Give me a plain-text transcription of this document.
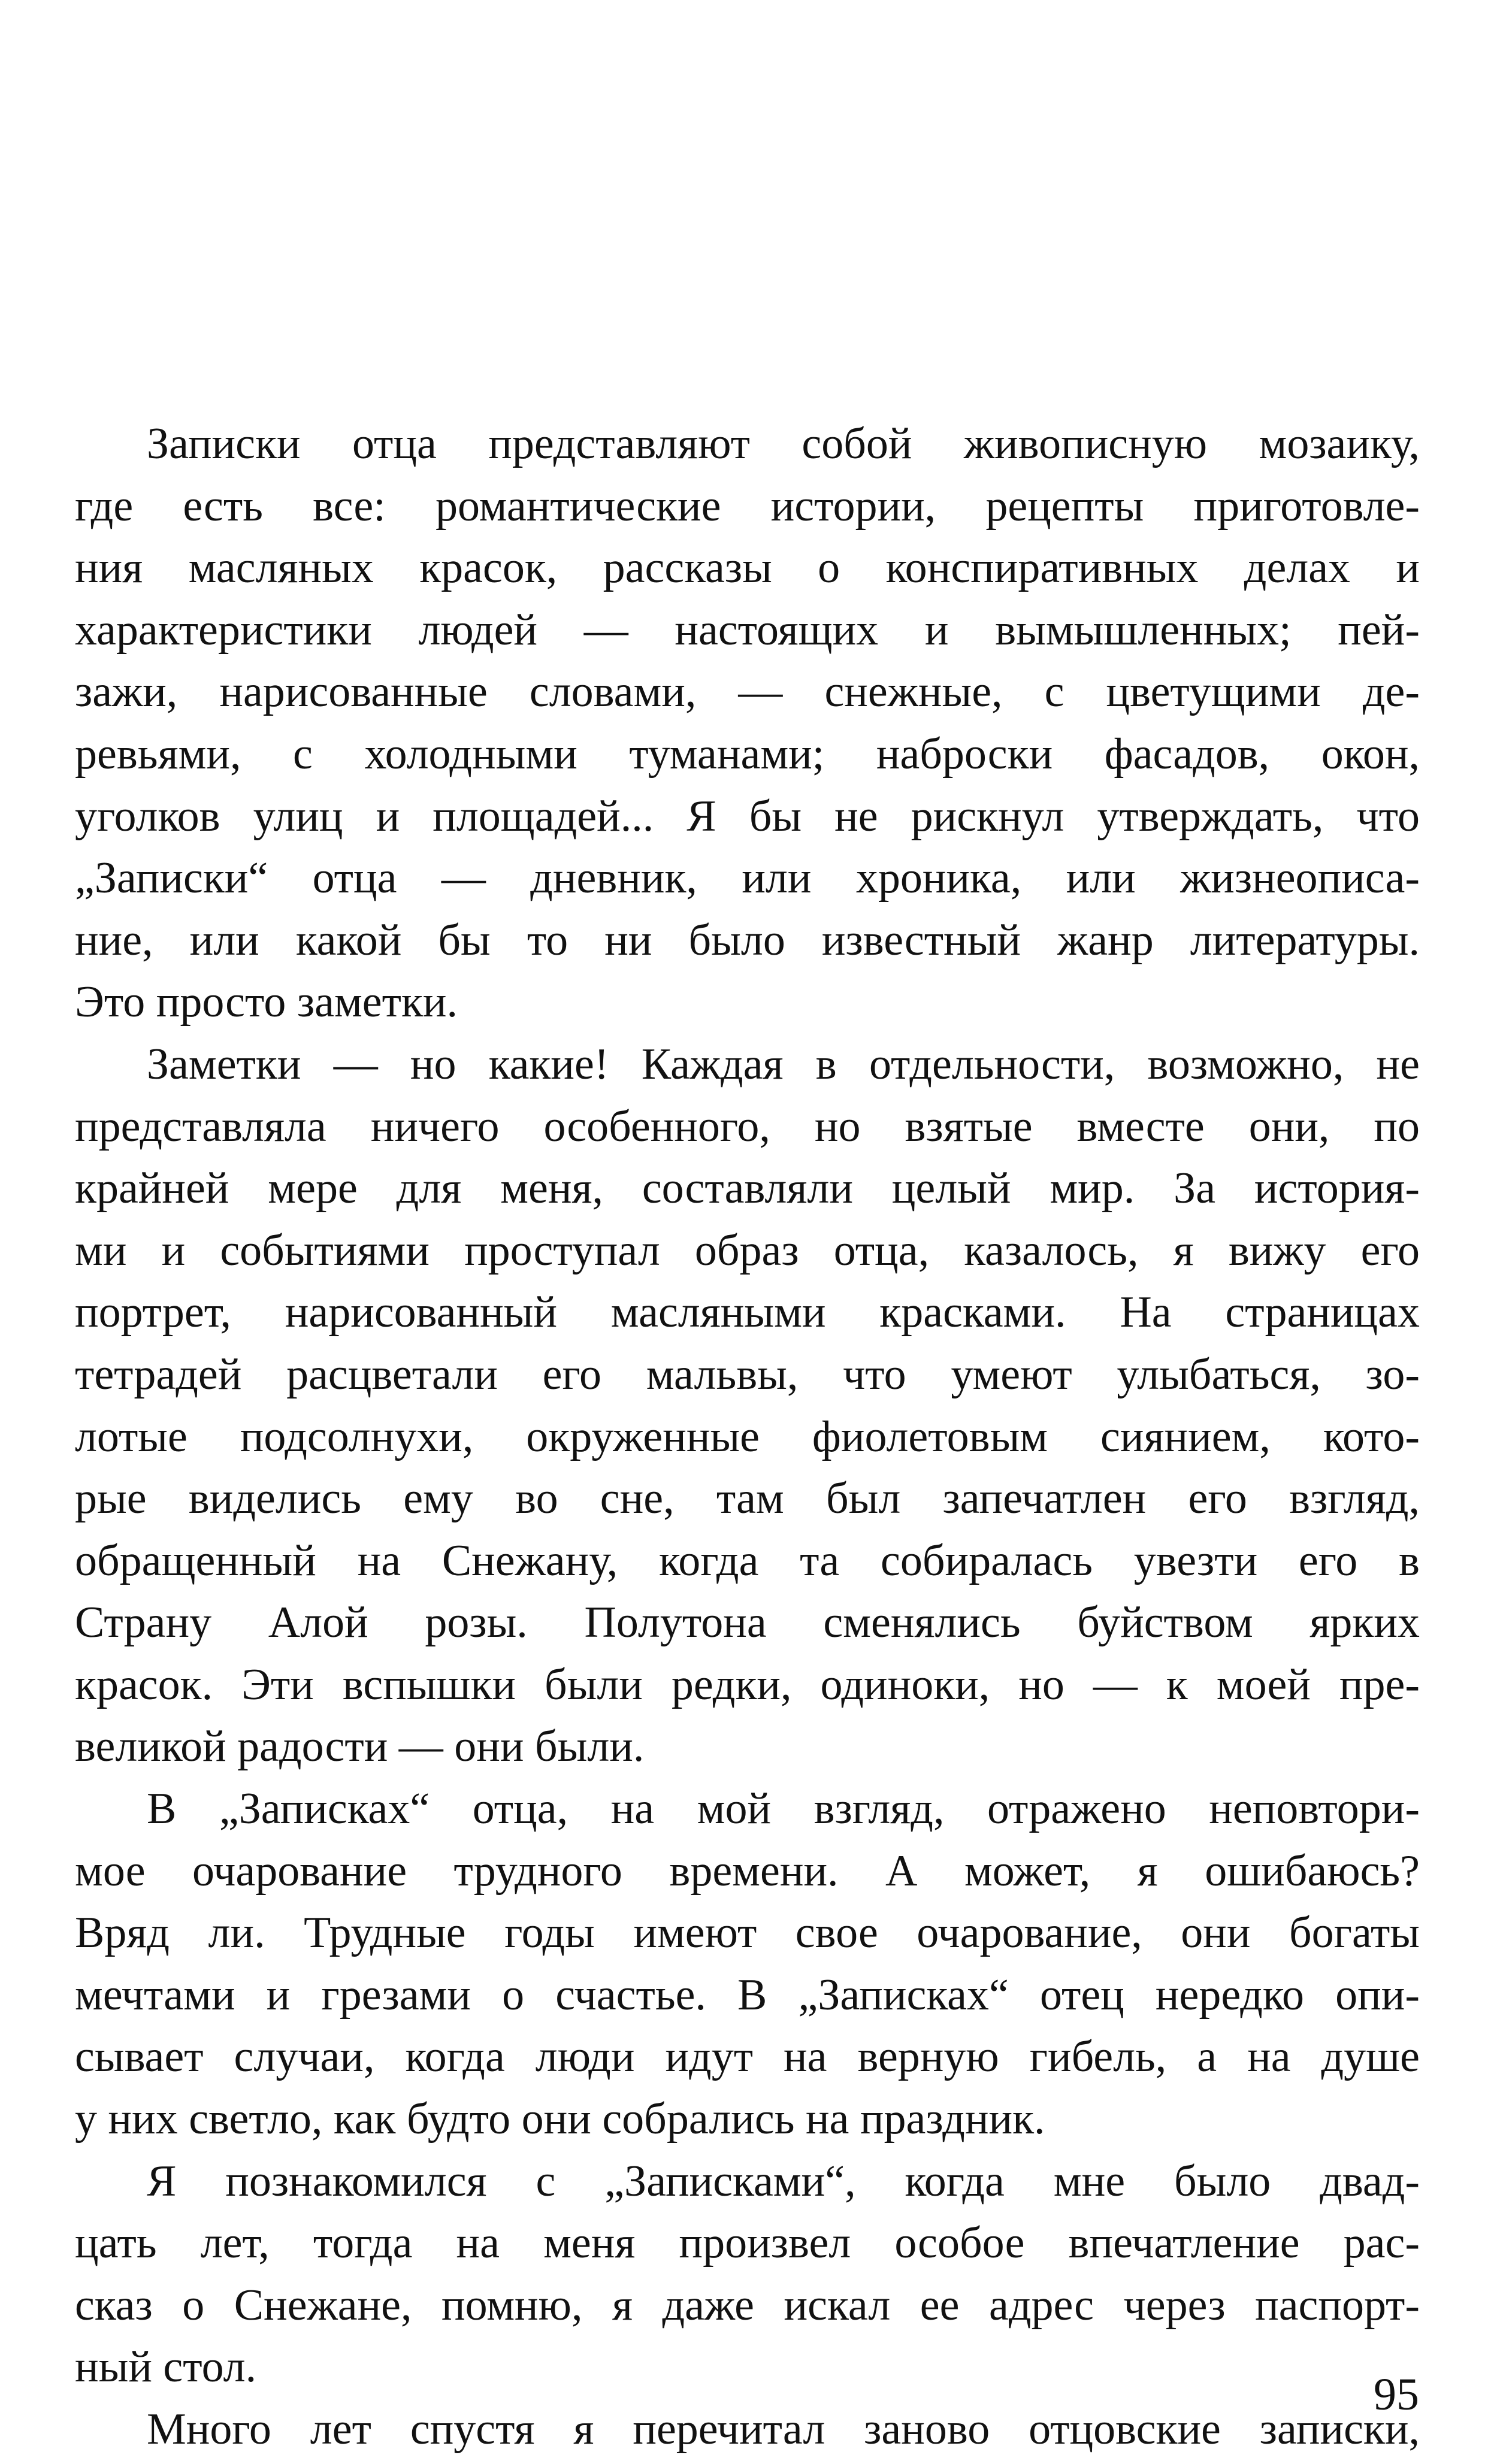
Записки отца представляют собой живописную мозаику,
где есть все: романтические истории, рецепты приготовле-
ния масляных красок, рассказы о конспиративных делах и
характеристики людей — настоящих и вымышленных; пей-
зажи, нарисованные словами, — снежные, с цветущими де-
ревьями, с холодными туманами; наброски фасадов, окон,
уголков улиц и площадей... Я бы не рискнул утверждать, что
„Записки“ отца — дневник, или хроника, или жизнеописа-
ние, или какой бы то ни было известный жанр литературы.
Это просто заметки.

Заметки — но какие! Каждая в отдельности, возможно, не
представляла ничего особенного, но взятые вместе они, по
крайней мере для меня, составляли целый мир. За история-
ми и событиями проступал образ отца, казалось, я вижу его
портрет, нарисованный масляными красками. На страницах
тетрадей расцветали его мальвы, что умеют улыбаться, зо-
лотые подсолнухи, окруженные фиолетовым сиянием, кото-
рые виделись ему во сне, там был запечатлен его взгляд,
обращенный на Снежану, когда та собиралась увезти его в
Страну Алой розы. Полутона сменялись буйством ярких
красок. Эти вспышки были редки, одиноки, но — к моей пре-
великой радости — они были.

В „Записках“ отца, на мой взгляд, отражено неповтори-
мое очарование трудного времени. А может, я ошибаюсь?
Вряд ли. Трудные годы имеют свое очарование, они богаты
мечтами и грезами о счастье. В „Записках“ отец нередко опи-
сывает случаи, когда люди идут на верную гибель, а на душе
у них светло, как будто они собрались на праздник.

Я познакомился с „Записками“, когда мне было двад-
цать лет, тогда на меня произвел особое впечатление рас-
сказ о Снежане, помню, я даже искал ее адрес через паспорт-
ный стол.

Много лет спустя я перечитал заново отцовские записки,

95
